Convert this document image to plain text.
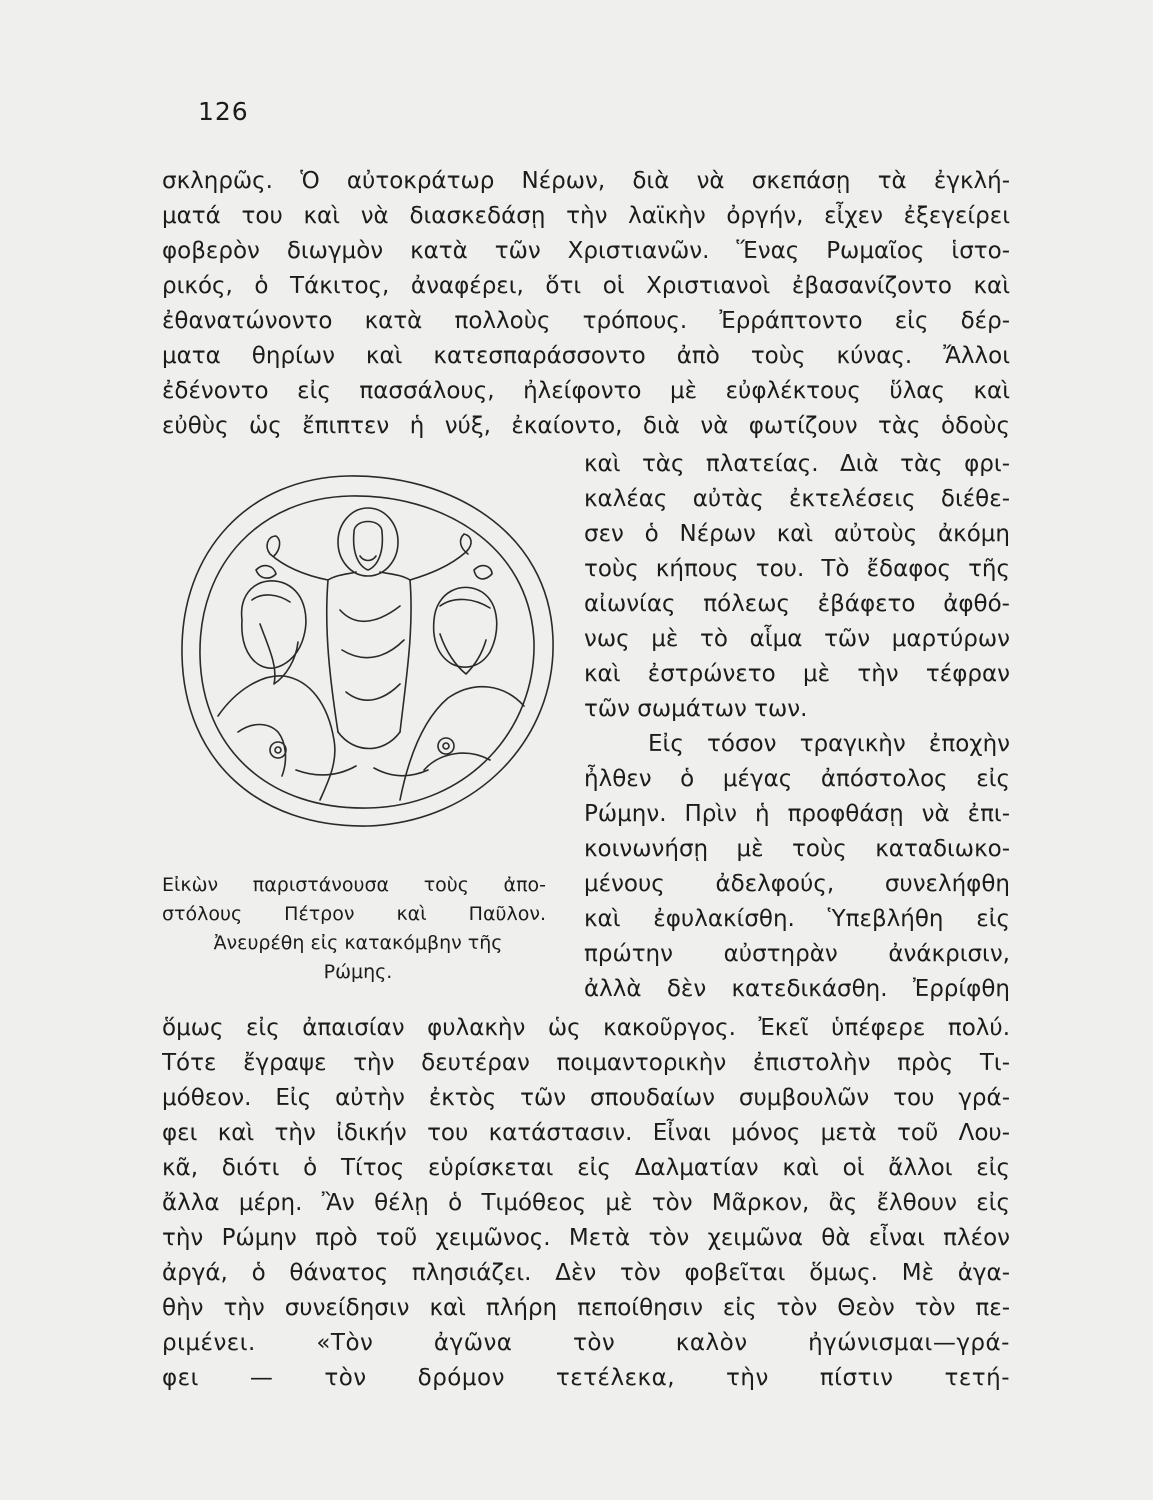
126

σκληρῶς. Ὁ αὐτοκράτωρ Νέρων, διὰ νὰ σκεπάσῃ τὰ ἐγκλή-

ματά του καὶ νὰ διασκεδάσῃ τὴν λαϊκὴν ὀργήν, εἶχεν ἐξεγείρει

φοβερὸν διωγμὸν κατὰ τῶν Χριστιανῶν. Ἕνας Ρωμαῖος ἱστο-

ρικός, ὁ Τάκιτος, ἀναφέρει, ὅτι οἱ Χριστιανοὶ ἐβασανίζοντο καὶ

ἐθανατώνοντο κατὰ πολλοὺς τρόπους. Ἐρράπτοντο εἰς δέρ-

ματα θηρίων καὶ κατεσπαράσσοντο ἀπὸ τοὺς κύνας. Ἄλλοι

ἐδένοντο εἰς πασσάλους, ἠλείφοντο μὲ εὐφλέκτους ὕλας καὶ

εὐθὺς ὡς ἔπιπτεν ἡ νύξ, ἐκαίοντο, διὰ νὰ φωτίζουν τὰς ὁδοὺς

καὶ τὰς πλατείας. Διὰ τὰς φρι-

καλέας αὐτὰς ἐκτελέσεις διέθε-

σεν ὁ Νέρων καὶ αὐτοὺς ἀκόμη

τοὺς κήπους του. Τὸ ἔδαφος τῆς

αἰωνίας πόλεως ἐβάφετο ἀφθό-

νως μὲ τὸ αἷμα τῶν μαρτύρων

καὶ ἐστρώνετο μὲ τὴν τέφραν

τῶν σωμάτων των.

Εἰς τόσον τραγικὴν ἐποχὴν

ἦλθεν ὁ μέγας ἀπόστολος εἰς

Ρώμην. Πρὶν ἡ προφθάσῃ νὰ ἐπι-

κοινωνήσῃ μὲ τοὺς καταδιωκο-

μένους ἀδελφούς, συνελήφθη

καὶ ἐφυλακίσθη. Ὑπεβλήθη εἰς

πρώτην αὐστηρὰν ἀνάκρισιν,

ἀλλὰ δὲν κατεδικάσθη. Ἐρρίφθη

Εἰκὼν παριστάνουσα τοὺς ἀπο-

στόλους Πέτρον καὶ Παῦλον.

Ἀνευρέθη εἰς κατακόμβην τῆς

Ρώμης.

ὅμως εἰς ἀπαισίαν φυλακὴν ὡς κακοῦργος. Ἐκεῖ ὑπέφερε πολύ.

Τότε ἔγραψε τὴν δευτέραν ποιμαντορικὴν ἐπιστολὴν πρὸς Τι-

μόθεον. Εἰς αὐτὴν ἐκτὸς τῶν σπουδαίων συμβουλῶν του γρά-

φει καὶ τὴν ἰδικήν του κατάστασιν. Εἶναι μόνος μετὰ τοῦ Λου-

κᾶ, διότι ὁ Τίτος εὑρίσκεται εἰς Δαλματίαν καὶ οἱ ἄλλοι εἰς

ἄλλα μέρη. Ἂν θέλῃ ὁ Τιμόθεος μὲ τὸν Μᾶρκον, ἂς ἔλθουν εἰς

τὴν Ρώμην πρὸ τοῦ χειμῶνος. Μετὰ τὸν χειμῶνα θὰ εἶναι πλέον

ἀργά, ὁ θάνατος πλησιάζει. Δὲν τὸν φοβεῖται ὅμως. Μὲ ἀγα-

θὴν τὴν συνείδησιν καὶ πλήρη πεποίθησιν εἰς τὸν Θεὸν τὸν πε-

ριμένει. «Τὸν ἀγῶνα τὸν καλὸν ἠγώνισμαι—γρά-

φει — τὸν δρόμον τετέλεκα, τὴν πίστιν τετή-
